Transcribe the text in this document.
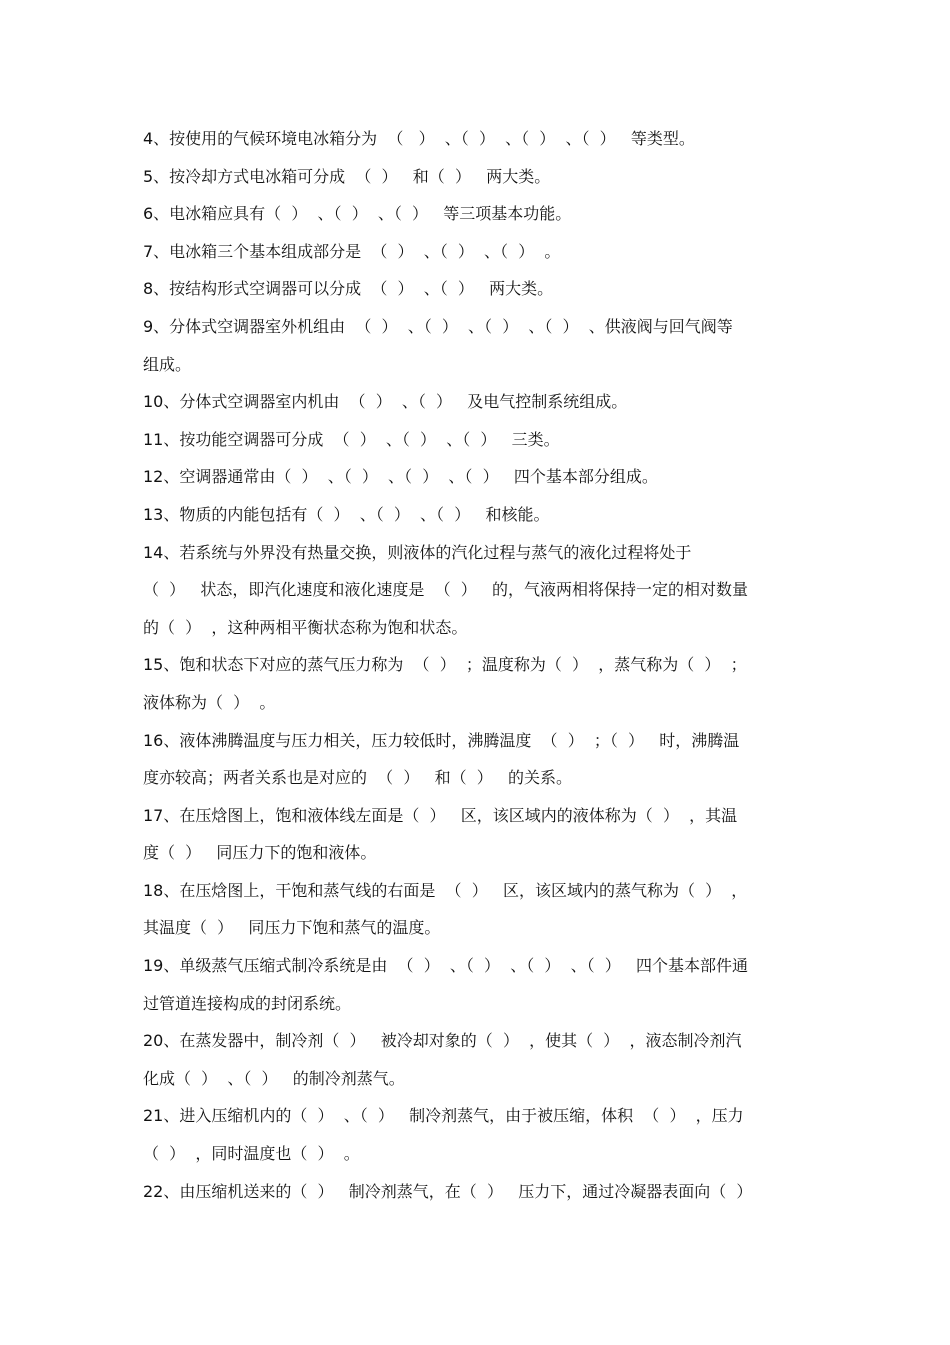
4、按使用的气候环境电冰箱分为  （   ）  、（  ）  、（  ）  、（  ）   等类型。
5、按冷却方式电冰箱可分成  （  ）   和（  ）   两大类。
6、电冰箱应具有（  ）  、（  ）  、（  ）   等三项基本功能。
7、电冰箱三个基本组成部分是  （  ）  、（  ）  、（  ）  。
8、按结构形式空调器可以分成  （  ）  、（  ）   两大类。
9、分体式空调器室外机组由  （  ）  、（  ）  、（  ）  、（  ）  、供液阀与回气阀等
组成。
10、分体式空调器室内机由  （  ）  、（  ）   及电气控制系统组成。
11、按功能空调器可分成  （  ）  、（  ）  、（  ）   三类。
12、空调器通常由（  ）  、（  ）  、（  ）  、（  ）   四个基本部分组成。
13、物质的内能包括有（  ）  、（  ）  、（  ）   和核能。
14、若系统与外界没有热量交换，则液体的汽化过程与蒸气的液化过程将处于
（  ）   状态，即汽化速度和液化速度是  （  ）   的，气液两相将保持一定的相对数量
的（  ）  ，这种两相平衡状态称为饱和状态。
15、饱和状态下对应的蒸气压力称为  （  ）  ；温度称为（  ）  ，蒸气称为（  ）  ；
液体称为（  ）  。
16、液体沸腾温度与压力相关，压力较低时，沸腾温度  （  ）  ；（  ）   时，沸腾温
度亦较高；两者关系也是对应的  （  ）   和（  ）   的关系。
17、在压焓图上，饱和液体线左面是（  ）   区，该区域内的液体称为（  ）  ，其温
度（  ）   同压力下的饱和液体。
18、在压焓图上，干饱和蒸气线的右面是  （  ）   区，该区域内的蒸气称为（  ）  ，
其温度（  ）   同压力下饱和蒸气的温度。
19、单级蒸气压缩式制冷系统是由  （  ）  、（  ）  、（  ）  、（  ）   四个基本部件通
过管道连接构成的封闭系统。
20、在蒸发器中，制冷剂（  ）   被冷却对象的（  ）  ，使其（  ）  ，液态制冷剂汽
化成（  ）  、（  ）   的制冷剂蒸气。
21、进入压缩机内的（  ）  、（  ）   制冷剂蒸气，由于被压缩，体积  （  ）  ，压力
（  ）  ，同时温度也（  ）  。
22、由压缩机送来的（  ）   制冷剂蒸气，在（  ）   压力下，通过冷凝器表面向（  ）
